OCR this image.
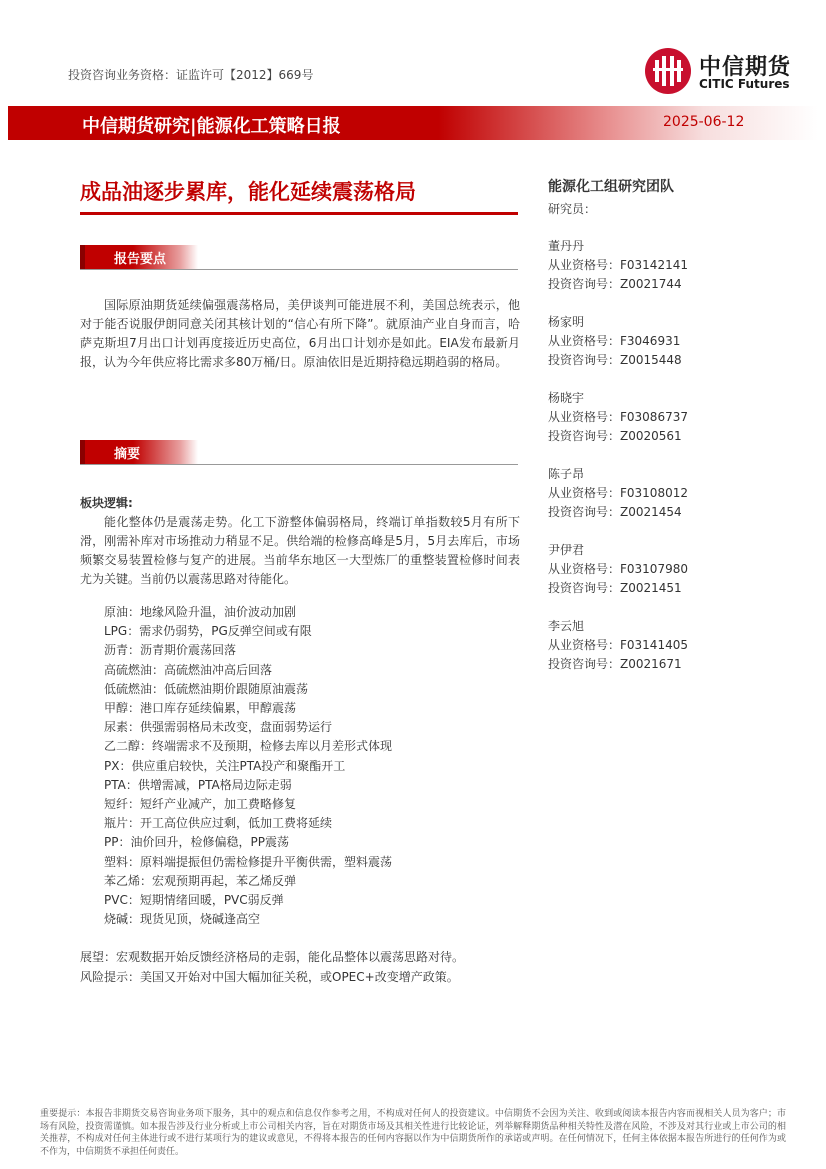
投资咨询业务资格：证监许可【2012】669号	中信期货
CITIC Futures
中信期货研究|能源化工策略日报	2025-06-12
成品油逐步累库，能化延续震荡格局
报告要点
国际原油期货延续偏强震荡格局，美伊谈判可能进展不利，美国总统表示，他对于能否说服伊朗同意关闭其核计划的“信心有所下降”。就原油产业自身而言，哈萨克斯坦7月出口计划再度接近历史高位，6月出口计划亦是如此。EIA发布最新月报，认为今年供应将比需求多80万桶/日。原油依旧是近期持稳远期趋弱的格局。
摘要
板块逻辑:
能化整体仍是震荡走势。化工下游整体偏弱格局，终端订单指数较5月有所下滑，刚需补库对市场推动力稍显不足。供给端的检修高峰是5月，5月去库后，市场频繁交易装置检修与复产的进展。当前华东地区一大型炼厂的重整装置检修时间表尤为关键。当前仍以震荡思路对待能化。
原油：地缘风险升温，油价波动加剧
LPG：需求仍弱势，PG反弹空间或有限
沥青：沥青期价震荡回落
高硫燃油：高硫燃油冲高后回落
低硫燃油：低硫燃油期价跟随原油震荡
甲醇：港口库存延续偏累，甲醇震荡
尿素：供强需弱格局未改变，盘面弱势运行
乙二醇：终端需求不及预期，检修去库以月差形式体现
PX：供应重启较快，关注PTA投产和聚酯开工
PTA：供增需减，PTA格局边际走弱
短纤：短纤产业减产，加工费略修复
瓶片：开工高位供应过剩，低加工费将延续
PP：油价回升，检修偏稳，PP震荡
塑料：原料端提振但仍需检修提升平衡供需，塑料震荡
苯乙烯：宏观预期再起，苯乙烯反弹
PVC：短期情绪回暖，PVC弱反弹
烧碱：现货见顶，烧碱逢高空
展望：宏观数据开始反馈经济格局的走弱，能化品整体以震荡思路对待。
风险提示：美国又开始对中国大幅加征关税，或OPEC+改变增产政策。
能源化工组研究团队
研究员：
董丹丹
从业资格号：F03142141
投资咨询号：Z0021744
杨家明
从业资格号：F3046931
投资咨询号：Z0015448
杨晓宇
从业资格号：F03086737
投资咨询号：Z0020561
陈子昂
从业资格号：F03108012
投资咨询号：Z0021454
尹伊君
从业资格号：F03107980
投资咨询号：Z0021451
李云旭
从业资格号：F03141405
投资咨询号：Z0021671
重要提示：本报告非期货交易咨询业务项下服务，其中的观点和信息仅作参考之用，不构成对任何人的投资建议。中信期货不会因为关注、收到或阅读本报告内容而视相关人员为客户；市场有风险，投资需谨慎。如本报告涉及行业分析或上市公司相关内容，旨在对期货市场及其相关性进行比较论证，列举解释期货品种相关特性及潜在风险，不涉及对其行业或上市公司的相关推荐，不构成对任何主体进行或不进行某项行为的建议或意见，不得将本报告的任何内容据以作为中信期货所作的承诺或声明。在任何情况下，任何主体依据本报告所进行的任何作为或不作为，中信期货不承担任何责任。
